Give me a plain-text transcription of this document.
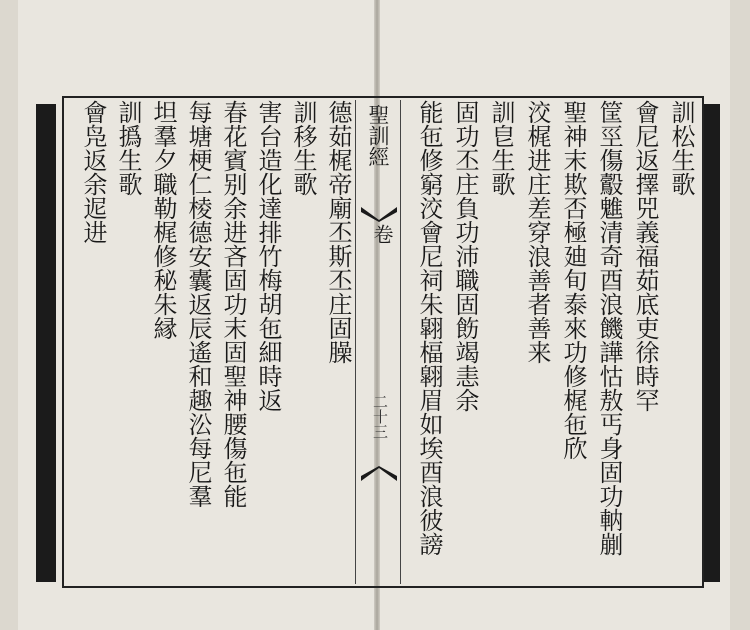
訓松生歌
會尼返擇兕義福茹底吏徐時罕
筐巠傷鷇魋清奇酉浪饑譁怙敖丐身固功軜剻
聖神末欺否極廸旬泰來功修梶㐌欣
洨梶进庄差穿浪善者善来
訓皀生歌
固功丕庄負功沛職固飭竭恚余
能㐌修窮洨會尼祠朱翶楅翶眉如埃酉浪彼謗
聖訓經
卷
二十三
德茹梶帝廟丕斯丕庄固臊
訓移生歌
害台造化達排竹梅胡㐌細時返
春花賓别余进吝固功末固聖神腰傷㐌能
每塘梗仁棱德安囊返辰遙和趣㳂每尼羣
坦羣夕職勒梶修秘朱縁
訓撝生歌
會凫返余迡进
